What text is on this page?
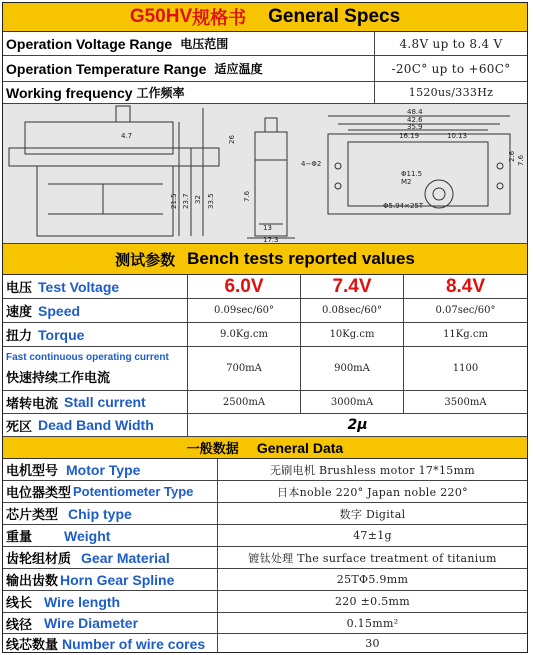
G50HV 规格书 General Specs
Operation Voltage Range 电压范围	4.8V up to 8.4 V
Operation Temperature Range 适应温度	-20C° up to +60C°
Working frequency 工作频率	1520us/333Hz
4.7
21.5 23.7 32 33.5	7.6
13
17.3
26
48.4
42.6
35.9
16.19	10.13
2.6 7.6
4−Φ2
Φ11.5
M2
Φ5.94×25T
测试参数 Bench tests reported values
电压 Test Voltage	6.0V	7.4V	8.4V
速度 Speed	0.09sec/60°	0.08sec/60°	0.07sec/60°
扭力 Torque	9.0Kg.cm	10Kg.cm	11Kg.cm
Fast continuous operating current
快速持续工作电流
700mA	900mA	1100
堵转电流 Stall current	2500mA	3000mA	3500mA
死区 Dead Band Width	2μ
一般数据 General Data
电机型号 Motor Type	无刷电机 Brushless motor 17*15mm
电位器类型 Potentiometer Type	日本noble 220° Japan noble 220°
芯片类型 Chip type	数字 Digital
重量 Weight	47±1g
齿轮组材质 Gear Material	镀钛处理 The surface treatment of titanium
输出齿数 Horn Gear Spline	25TΦ5.9mm
线长 Wire length	220 ±0.5mm
线径 Wire Diameter	0.15mm²
线芯数量 Number of wire cores	30
